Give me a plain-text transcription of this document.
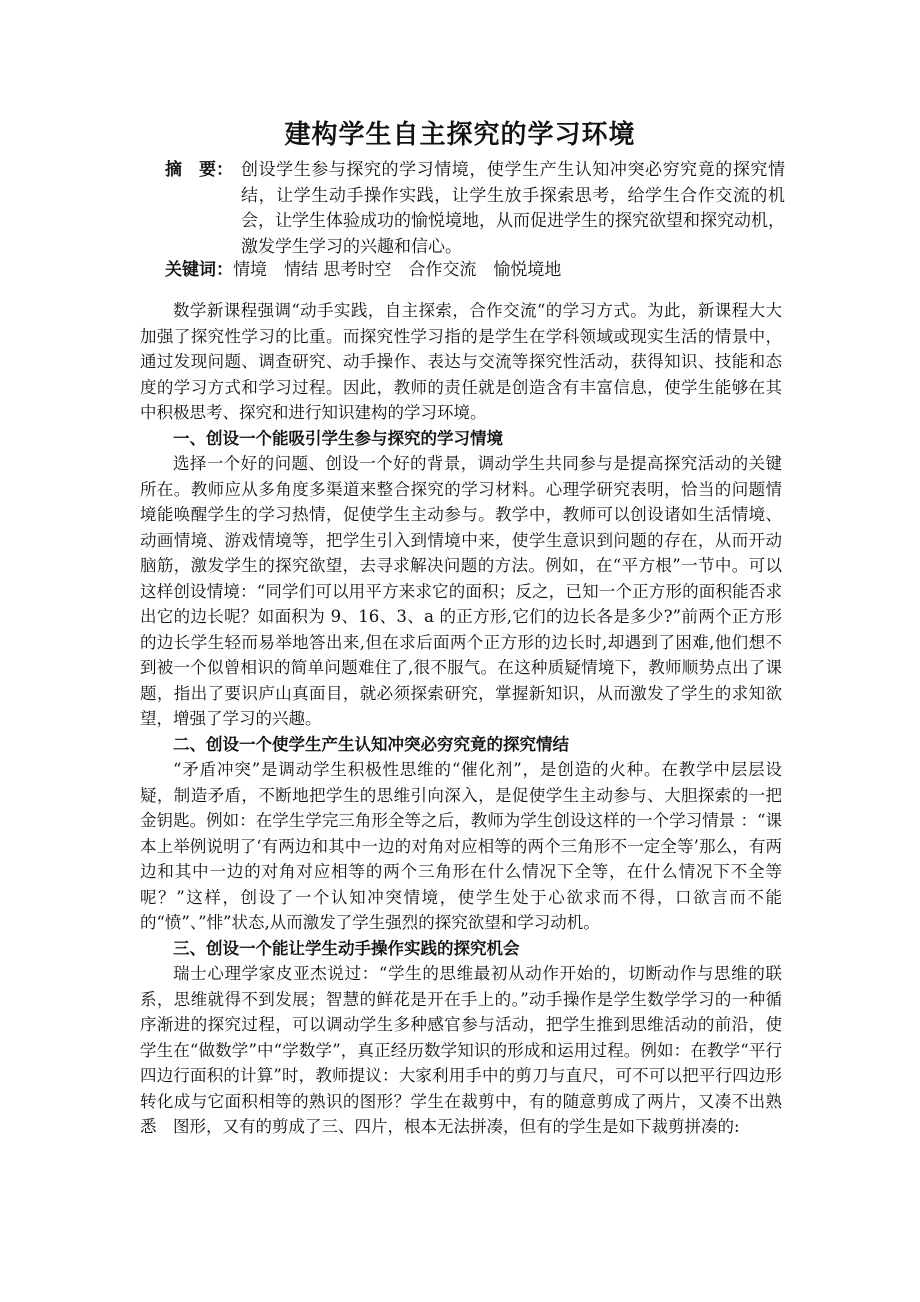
建构学生自主探究的学习环境
摘　要： 创设学生参与探究的学习情境，使学生产生认知冲突必穷究竟的探究情结，让学生动手操作实践，让学生放手探索思考，给学生合作交流的机会，让学生体验成功的愉悦境地，从而促进学生的探究欲望和探究动机，激发学生学习的兴趣和信心。
关键词：情境　情结 思考时空　合作交流　愉悦境地

数学新课程强调“动手实践，自主探索，合作交流“的学习方式。为此，新课程大大加强了探究性学习的比重。而探究性学习指的是学生在学科领域或现实生活的情景中，通过发现问题、调查研究、动手操作、表达与交流等探究性活动，获得知识、技能和态度的学习方式和学习过程。因此，教师的责任就是创造含有丰富信息，使学生能够在其中积极思考、探究和进行知识建构的学习环境。

一、创设一个能吸引学生参与探究的学习情境

选择一个好的问题、创设一个好的背景，调动学生共同参与是提高探究活动的关键所在。教师应从多角度多渠道来整合探究的学习材料。心理学研究表明，恰当的问题情境能唤醒学生的学习热情，促使学生主动参与。教学中，教师可以创设诸如生活情境、动画情境、游戏情境等，把学生引入到情境中来，使学生意识到问题的存在，从而开动脑筋，激发学生的探究欲望，去寻求解决问题的方法。例如，在“平方根”一节中。可以这样创设情境：“同学们可以用平方来求它的面积；反之，已知一个正方形的面积能否求出它的边长呢？如面积为 9、16、3、a 的正方形,它们的边长各是多少?”前两个正方形的边长学生轻而易举地答出来,但在求后面两个正方形的边长时,却遇到了困难,他们想不到被一个似曾相识的简单问题难住了,很不服气。在这种质疑情境下，教师顺势点出了课题，指出了要识庐山真面目，就必须探索研究，掌握新知识，从而激发了学生的求知欲望，增强了学习的兴趣。

二、创设一个使学生产生认知冲突必穷究竟的探究情结

“矛盾冲突”是调动学生积极性思维的“催化剂”，是创造的火种。在教学中层层设疑，制造矛盾，不断地把学生的思维引向深入，是促使学生主动参与、大胆探索的一把金钥匙。例如：在学生学完三角形全等之后，教师为学生创设这样的一个学习情景 ：“课本上举例说明了‘有两边和其中一边的对角对应相等的两个三角形不一定全等’那么，有两边和其中一边的对角对应相等的两个三角形在什么情况下全等，在什么情况下不全等呢？”这样，创设了一个认知冲突情境，使学生处于心欲求而不得，口欲言而不能的“愤”、”悱”状态,从而激发了学生强烈的探究欲望和学习动机。

三、创设一个能让学生动手操作实践的探究机会

瑞士心理学家皮亚杰说过：“学生的思维最初从动作开始的，切断动作与思维的联系，思维就得不到发展；智慧的鲜花是开在手上的。”动手操作是学生数学学习的一种循序渐进的探究过程，可以调动学生多种感官参与活动，把学生推到思维活动的前沿，使学生在“做数学”中“学数学”，真正经历数学知识的形成和运用过程。例如：在教学“平行四边行面积的计算”时，教师提议：大家利用手中的剪刀与直尺，可不可以把平行四边形转化成与它面积相等的熟识的图形？学生在裁剪中，有的随意剪成了两片，又凑不出熟悉　图形，又有的剪成了三、四片，根本无法拼凑，但有的学生是如下裁剪拼凑的:
